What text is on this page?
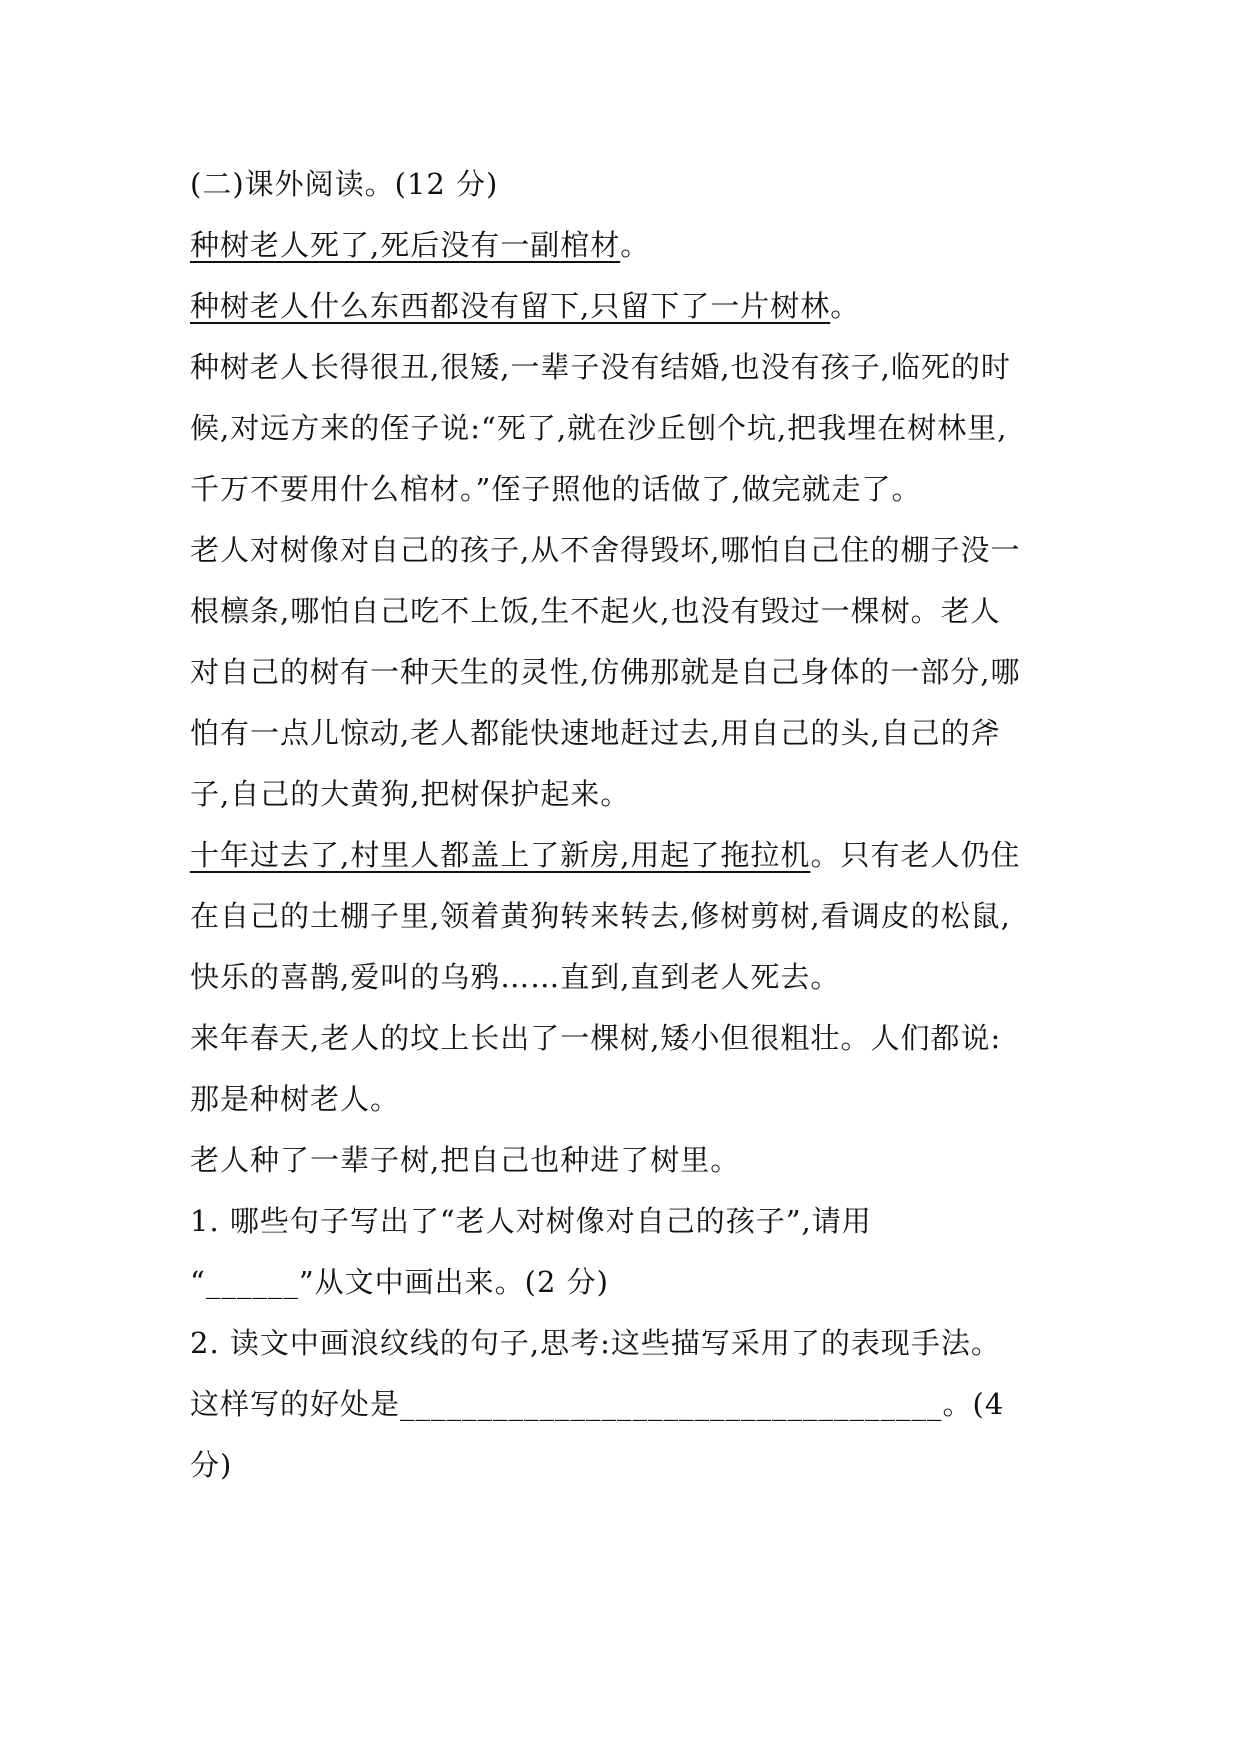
(二)课外阅读。(12 分)
种树老人死了,死后没有一副棺材。
种树老人什么东西都没有留下,只留下了一片树林。
种树老人长得很丑,很矮,一辈子没有结婚,也没有孩子,临死的时
候,对远方来的侄子说:“死了,就在沙丘刨个坑,把我埋在树林里,
千万不要用什么棺材。”侄子照他的话做了,做完就走了。
老人对树像对自己的孩子,从不舍得毁坏,哪怕自己住的棚子没一
根檩条,哪怕自己吃不上饭,生不起火,也没有毁过一棵树。老人
对自己的树有一种天生的灵性,仿佛那就是自己身体的一部分,哪
怕有一点儿惊动,老人都能快速地赶过去,用自己的头,自己的斧
子,自己的大黄狗,把树保护起来。
十年过去了,村里人都盖上了新房,用起了拖拉机。只有老人仍住
在自己的土棚子里,领着黄狗转来转去,修树剪树,看调皮的松鼠,
快乐的喜鹊,爱叫的乌鸦……直到,直到老人死去。
来年春天,老人的坟上长出了一棵树,矮小但很粗壮。人们都说:
那是种树老人。
老人种了一辈子树,把自己也种进了树里。
1. 哪些句子写出了“老人对树像对自己的孩子”,请用
“______”从文中画出来。(2 分)
2. 读文中画浪纹线的句子,思考:这些描写采用了的表现手法。
这样写的好处是___________________________________。(4
分)
